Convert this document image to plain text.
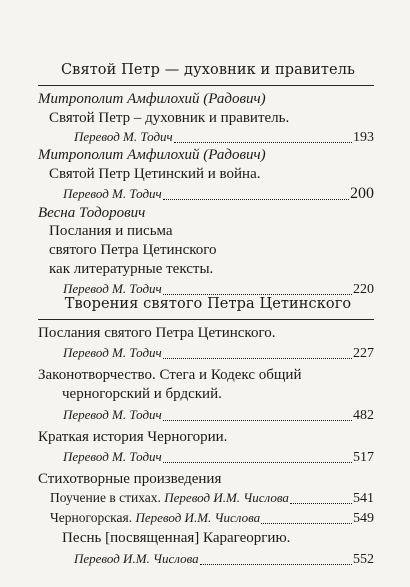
Святой Петр — духовник и правитель
Митрополит Амфилохий (Радович)
Святой Петр – духовник и правитель.
Перевод М. Тодич	193
Митрополит Амфилохий (Радович)
Святой Петр Цетинский и война.
Перевод М. Тодич	200
Весна Тодорович
Послания и письма
святого Петра Цетинского
как литературные тексты.
Перевод М. Тодич	220
Творения святого Петра Цетинского
Послания святого Петра Цетинского.
Перевод М. Тодич	227
Законотворчество. Стега и Кодекс общий
черногорский и брдский.
Перевод М. Тодич	482
Краткая история Черногории.
Перевод М. Тодич	517
Стихотворные произведения
Поучение в стихах. Перевод И.М. Числова	541
Черногорская. Перевод И.М. Числова	549
Песнь [посвященная] Карагеоргию.
Перевод И.М. Числова	552
